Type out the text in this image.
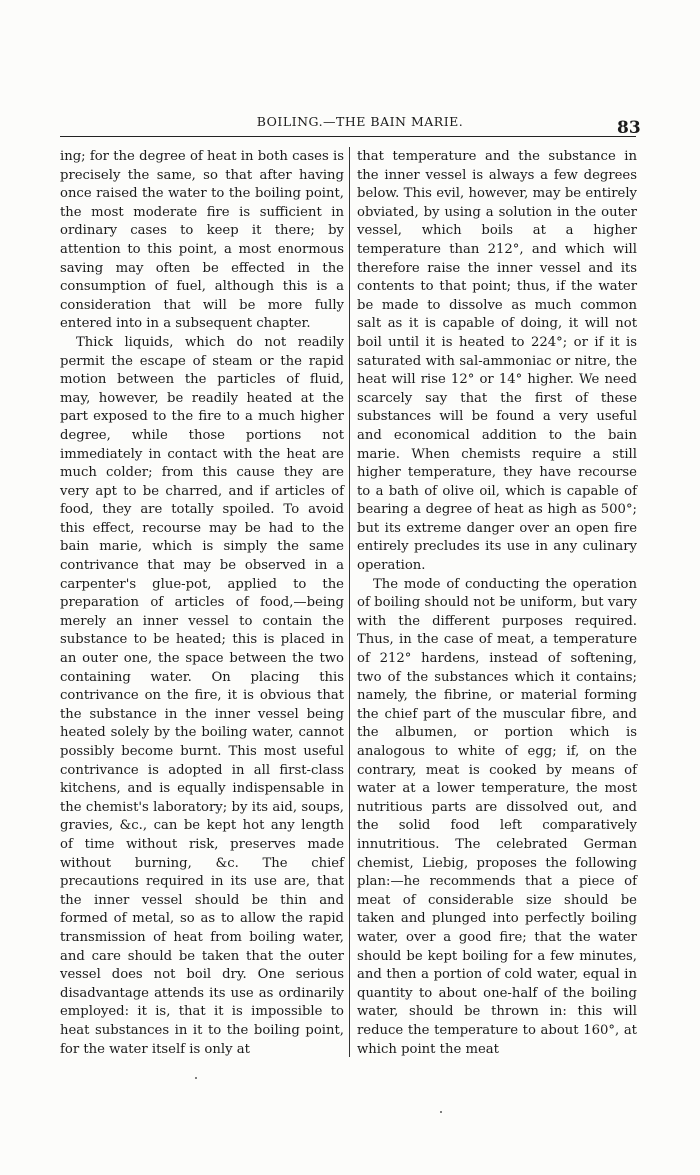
BOILING.—THE BAIN MARIE.	83

ing; for the degree of heat in both cases is precisely the same, so that after having once raised the water to the boiling point, the most moderate fire is sufficient in ordinary cases to keep it there; by attention to this point, a most enormous saving may often be effected in the consumption of fuel, although this is a consideration that will be more fully entered into in a subsequent chapter.

Thick liquids, which do not readily permit the escape of steam or the rapid motion between the particles of fluid, may, however, be readily heated at the part exposed to the fire to a much higher degree, while those portions not immediately in contact with the heat are much colder; from this cause they are very apt to be charred, and if articles of food, they are totally spoiled. To avoid this effect, recourse may be had to the bain marie, which is simply the same contrivance that may be observed in a carpenter's glue-pot, applied to the preparation of articles of food,—being merely an inner vessel to contain the substance to be heated; this is placed in an outer one, the space between the two containing water. On placing this contrivance on the fire, it is obvious that the substance in the inner vessel being heated solely by the boiling water, cannot possibly become burnt. This most useful contrivance is adopted in all first-class kitchens, and is equally indispensable in the chemist's laboratory; by its aid, soups, gravies, &c., can be kept hot any length of time without risk, preserves made without burning, &c. The chief precautions required in its use are, that the inner vessel should be thin and formed of metal, so as to allow the rapid transmission of heat from boiling water, and care should be taken that the outer vessel does not boil dry. One serious disadvantage attends its use as ordinarily employed: it is, that it is impossible to heat substances in it to the boiling point, for the water itself is only at

that temperature and the substance in the inner vessel is always a few degrees below. This evil, however, may be entirely obviated, by using a solution in the outer vessel, which boils at a higher temperature than 212°, and which will therefore raise the inner vessel and its contents to that point; thus, if the water be made to dissolve as much common salt as it is capable of doing, it will not boil until it is heated to 224°; or if it is saturated with sal-ammoniac or nitre, the heat will rise 12° or 14° higher. We need scarcely say that the first of these substances will be found a very useful and economical addition to the bain marie. When chemists require a still higher temperature, they have recourse to a bath of olive oil, which is capable of bearing a degree of heat as high as 500°; but its extreme danger over an open fire entirely precludes its use in any culinary operation.

The mode of conducting the operation of boiling should not be uniform, but vary with the different purposes required. Thus, in the case of meat, a temperature of 212° hardens, instead of softening, two of the substances which it contains; namely, the fibrine, or material forming the chief part of the muscular fibre, and the albumen, or portion which is analogous to white of egg; if, on the contrary, meat is cooked by means of water at a lower temperature, the most nutritious parts are dissolved out, and the solid food left comparatively innutritious. The celebrated German chemist, Liebig, proposes the following plan:—he recommends that a piece of meat of considerable size should be taken and plunged into perfectly boiling water, over a good fire; that the water should be kept boiling for a few minutes, and then a portion of cold water, equal in quantity to about one-half of the boiling water, should be thrown in: this will reduce the temperature to about 160°, at which point the meat
